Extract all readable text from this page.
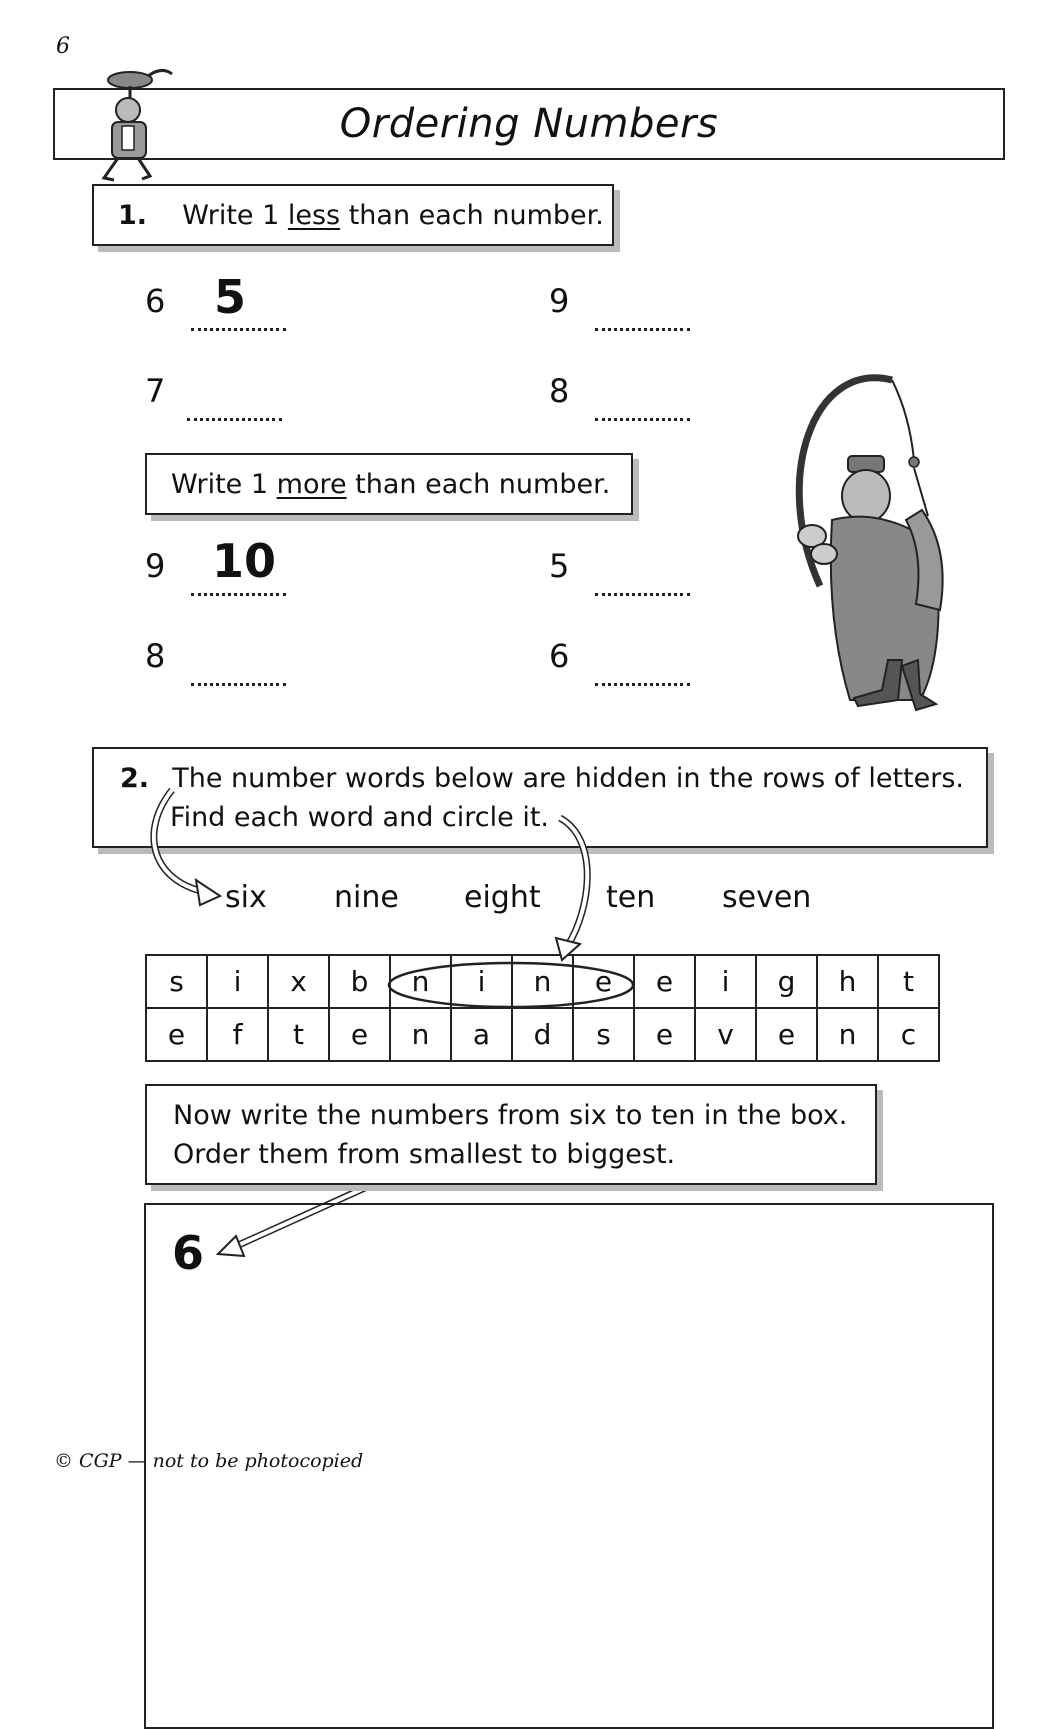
6
Ordering Numbers
1. Write 1 less than each number.
6 5	9
7	8
Write 1 more than each number.
9 10	5
8	6
2. The number words below are hidden in the rows of letters.
Find each word and circle it.
six nine eight ten seven
s	i	x	b	n	i	n	e	e	i	g	h	t
e	f	t	e	n	a	d	s	e	v	e	n	c
Now write the numbers from six to ten in the box.
Order them from smallest to biggest.
6
© CGP — not to be photocopied
